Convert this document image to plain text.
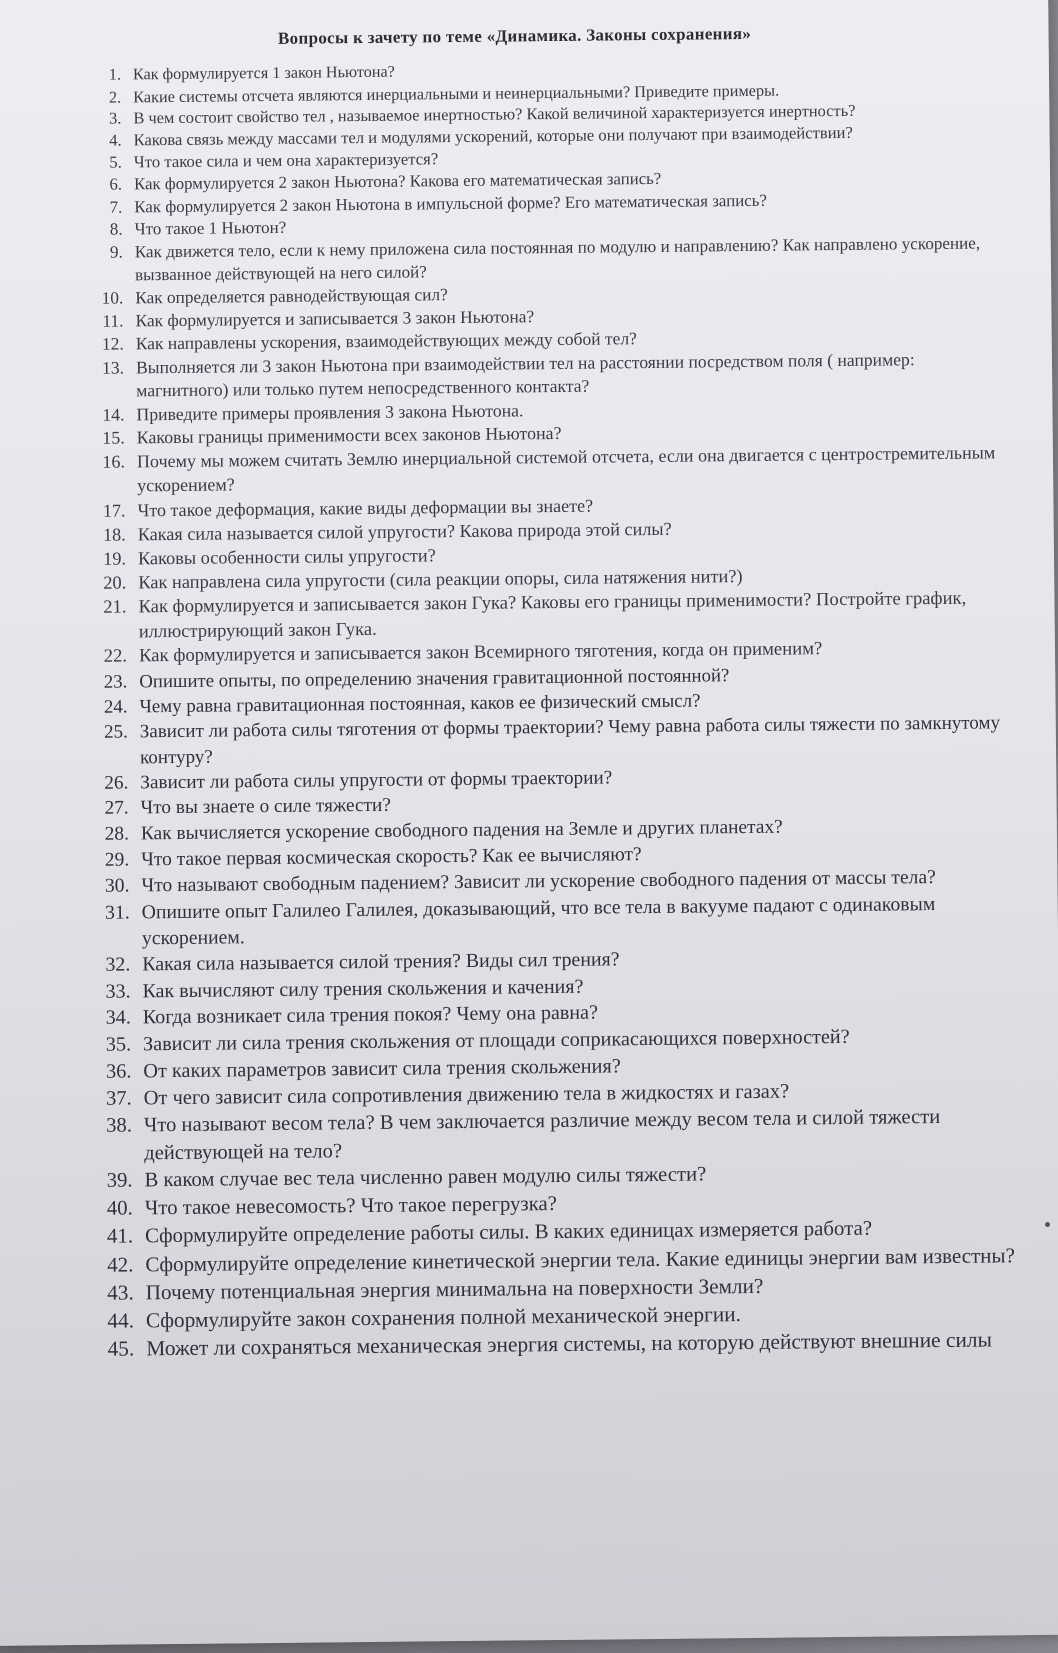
Вопросы к зачету по теме «Динамика. Законы сохранения»
1. Как формулируется 1 закон Ньютона?
2. Какие системы отсчета являются инерциальными и неинерциальными? Приведите примеры.
3. В чем состоит свойство тел , называемое инертностью? Какой величиной характеризуется инертность?
4. Какова связь между массами тел и модулями ускорений, которые они получают при взаимодействии?
5. Что такое сила и чем она характеризуется?
6. Как формулируется 2 закон Ньютона? Какова его математическая запись?
7. Как формулируется 2 закон Ньютона в импульсной форме? Его математическая запись?
8. Что такое 1 Ньютон?
9. Как движется тело, если к нему приложена сила постоянная по модулю и направлению? Как направлено ускорение, вызванное действующей на него силой?
10. Как определяется равнодействующая сил?
11. Как формулируется и записывается 3 закон Ньютона?
12. Как направлены ускорения, взаимодействующих между собой тел?
13. Выполняется ли 3 закон Ньютона при взаимодействии тел на расстоянии посредством поля ( например: магнитного) или только путем непосредственного контакта?
14. Приведите примеры проявления 3 закона Ньютона.
15. Каковы границы применимости всех законов Ньютона?
16. Почему мы можем считать Землю инерциальной системой отсчета, если она двигается с центростремительным ускорением?
17. Что такое деформация, какие виды деформации вы знаете?
18. Какая сила называется силой упругости? Какова природа этой силы?
19. Каковы особенности силы упругости?
20. Как направлена сила упругости (сила реакции опоры, сила натяжения нити?)
21. Как формулируется и записывается закон Гука? Каковы его границы применимости? Постройте график, иллюстрирующий закон Гука.
22. Как формулируется и записывается закон Всемирного тяготения, когда он применим?
23. Опишите опыты, по определению значения гравитационной постоянной?
24. Чему равна гравитационная постоянная, каков ее физический смысл?
25. Зависит ли работа силы тяготения от формы траектории? Чему равна работа силы тяжести по замкнутому контуру?
26. Зависит ли работа силы упругости от формы траектории?
27. Что вы знаете о силе тяжести?
28. Как вычисляется ускорение свободного падения на Земле и других планетах?
29. Что такое первая космическая скорость? Как ее вычисляют?
30. Что называют свободным падением? Зависит ли ускорение свободного падения от массы тела?
31. Опишите опыт Галилео Галилея, доказывающий, что все тела в вакууме падают с одинаковым ускорением.
32. Какая сила называется силой трения? Виды сил трения?
33. Как вычисляют силу трения скольжения и качения?
34. Когда возникает сила трения покоя? Чему она равна?
35. Зависит ли сила трения скольжения от площади соприкасающихся поверхностей?
36. От каких параметров зависит сила трения скольжения?
37. От чего зависит сила сопротивления движению тела в жидкостях и газах?
38. Что называют весом тела? В чем заключается различие между весом тела и силой тяжести действующей на тело?
39. В каком случае вес тела численно равен модулю силы тяжести?
40. Что такое невесомость? Что такое перегрузка?
41. Сформулируйте определение работы силы. В каких единицах измеряется работа?
42. Сформулируйте определение кинетической энергии тела. Какие единицы энергии вам известны?
43. Почему потенциальная энергия минимальна на поверхности Земли?
44. Сформулируйте закон сохранения полной механической энергии.
45. Может ли сохраняться механическая энергия системы, на которую действуют внешние силы
